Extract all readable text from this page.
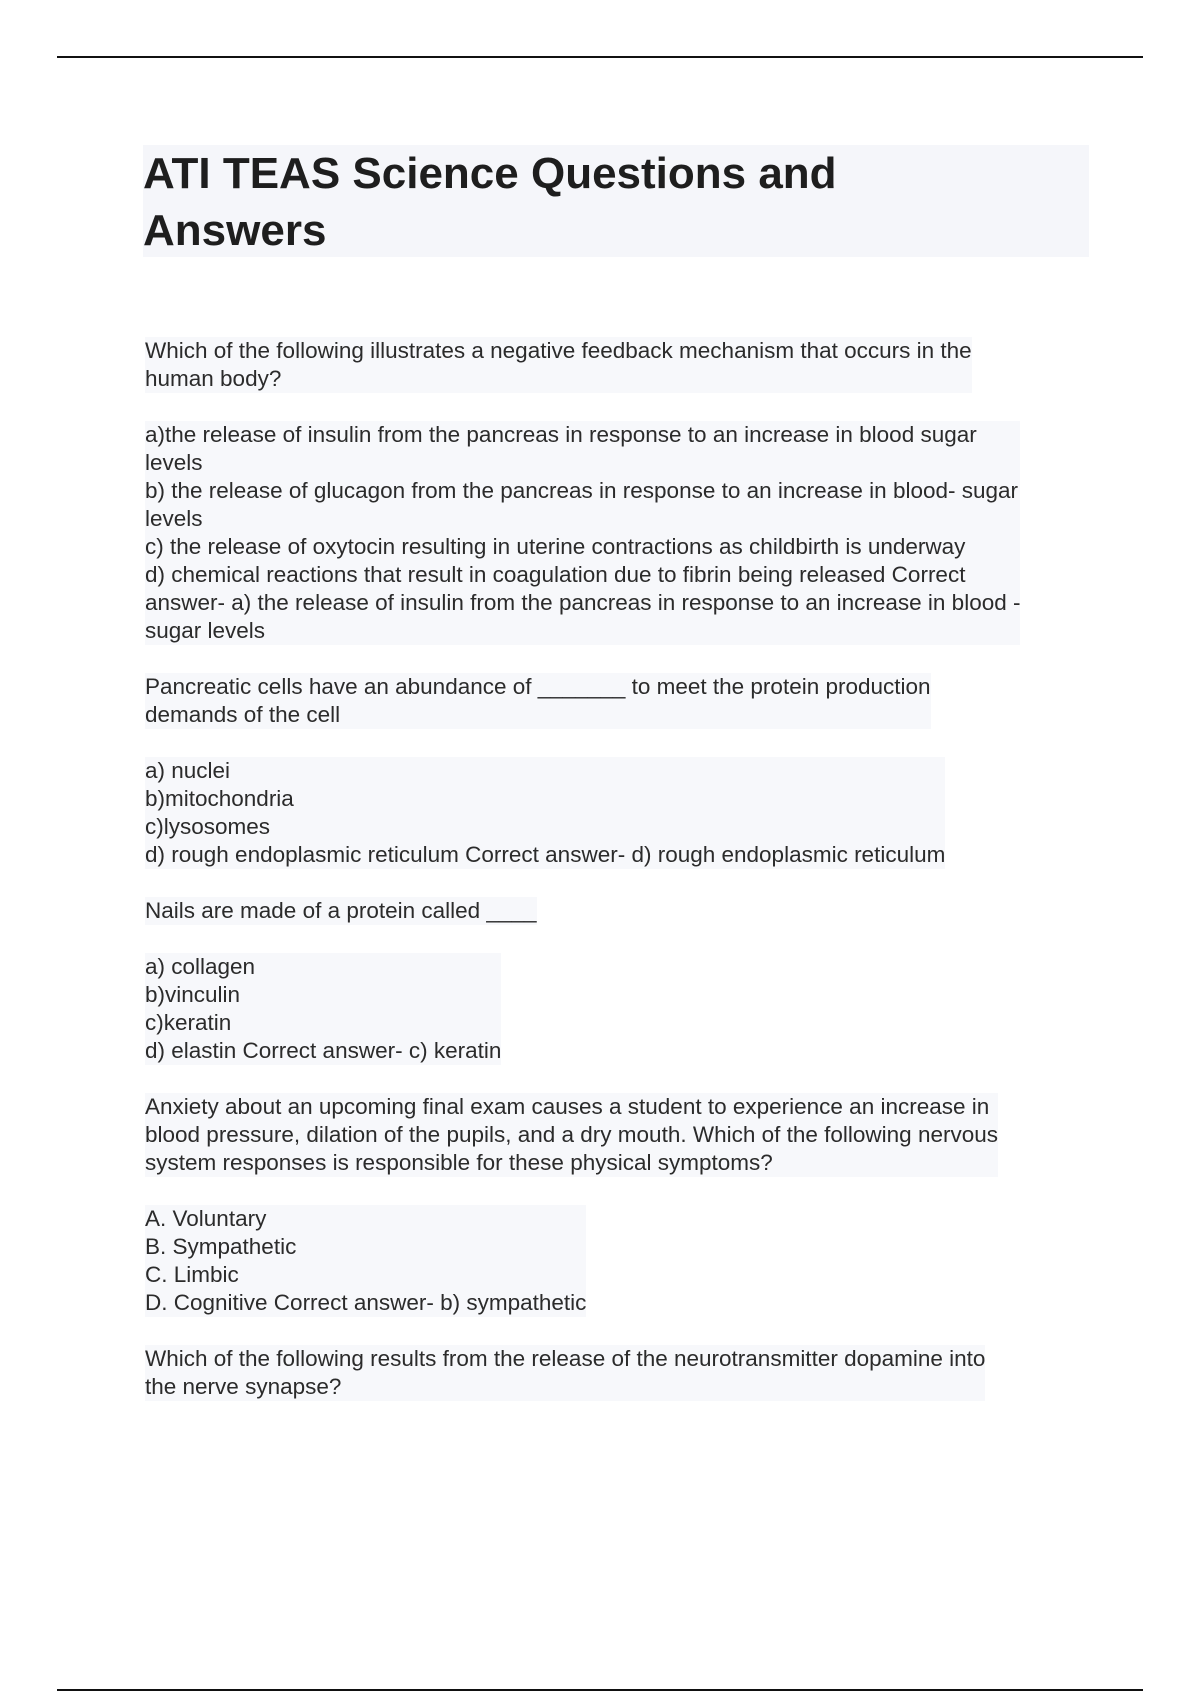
ATI TEAS Science Questions and
Answers
Which of the following illustrates a negative feedback mechanism that occurs in the
human body?
a)the release of insulin from the pancreas in response to an increase in blood sugar
levels
b) the release of glucagon from the pancreas in response to an increase in blood- sugar
levels
c) the release of oxytocin resulting in uterine contractions as childbirth is underway
d) chemical reactions that result in coagulation due to fibrin being released Correct
answer- a) the release of insulin from the pancreas in response to an increase in blood -
sugar levels
Pancreatic cells have an abundance of _______ to meet the protein production
demands of the cell
a) nuclei
b)mitochondria
c)lysosomes
d) rough endoplasmic reticulum Correct answer- d) rough endoplasmic reticulum
Nails are made of a protein called ____
a) collagen
b)vinculin
c)keratin
d) elastin Correct answer- c) keratin
Anxiety about an upcoming final exam causes a student to experience an increase in
blood pressure, dilation of the pupils, and a dry mouth. Which of the following nervous
system responses is responsible for these physical symptoms?
A. Voluntary
B. Sympathetic
C. Limbic
D. Cognitive Correct answer- b) sympathetic
Which of the following results from the release of the neurotransmitter dopamine into
the nerve synapse?
